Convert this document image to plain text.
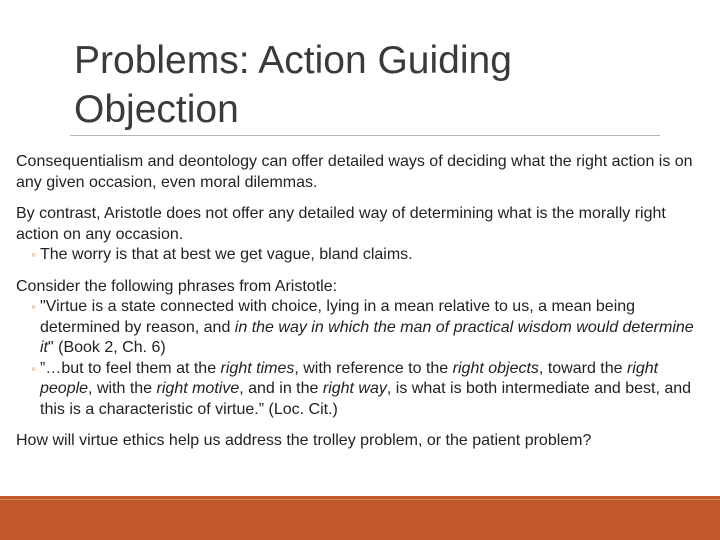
Problems: Action Guiding
Objection

Consequentialism and deontology can offer detailed ways of deciding what the right action is on any given occasion, even moral dilemmas.

By contrast, Aristotle does not offer any detailed way of determining what is the morally right action on any occasion.

◦ The worry is that at best we get vague, bland claims.

Consider the following phrases from Aristotle:

◦ "Virtue is a state connected with choice, lying in a mean relative to us, a mean being determined by reason, and in the way in which the man of practical wisdom would determine it" (Book 2, Ch. 6)
◦ ”…but to feel them at the right times, with reference to the right objects, toward the right people, with the right motive, and in the right way, is what is both intermediate and best, and this is a characteristic of virtue.” (Loc. Cit.)

How will virtue ethics help us address the trolley problem, or the patient problem?
